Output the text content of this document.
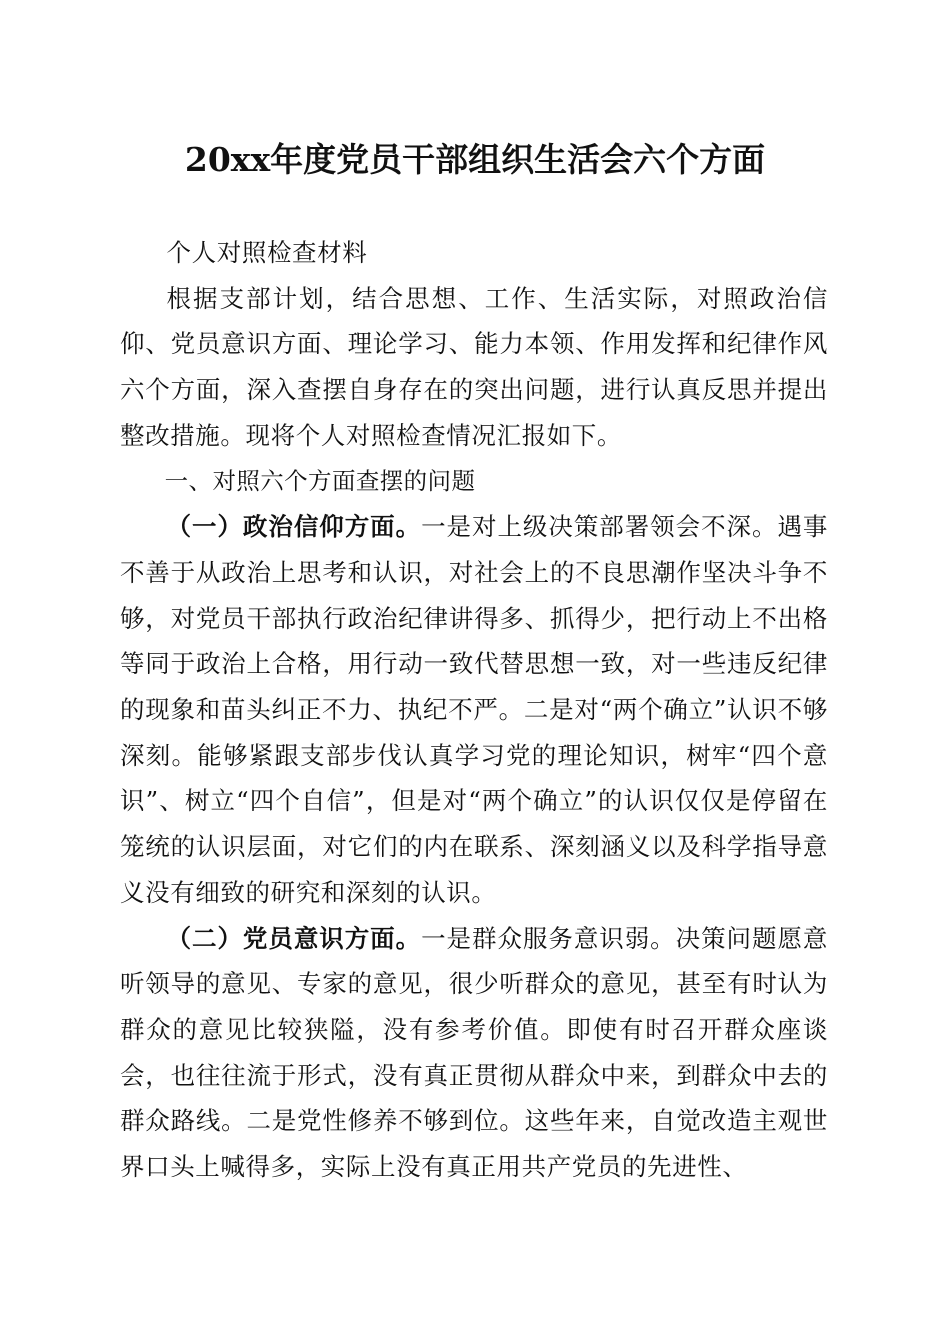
20xx年度党员干部组织生活会六个方面

个人对照检查材料

根据支部计划，结合思想、工作、生活实际，对照政治信仰、党员意识方面、理论学习、能力本领、作用发挥和纪律作风六个方面，深入查摆自身存在的突出问题，进行认真反思并提出整改措施。现将个人对照检查情况汇报如下。

一、对照六个方面查摆的问题

（一）政治信仰方面。一是对上级决策部署领会不深。遇事不善于从政治上思考和认识，对社会上的不良思潮作坚决斗争不够，对党员干部执行政治纪律讲得多、抓得少，把行动上不出格等同于政治上合格，用行动一致代替思想一致，对一些违反纪律的现象和苗头纠正不力、执纪不严。二是对“两个确立”认识不够深刻。能够紧跟支部步伐认真学习党的理论知识，树牢“四个意识”、树立“四个自信”，但是对“两个确立”的认识仅仅是停留在笼统的认识层面，对它们的内在联系、深刻涵义以及科学指导意义没有细致的研究和深刻的认识。

（二）党员意识方面。一是群众服务意识弱。决策问题愿意听领导的意见、专家的意见，很少听群众的意见，甚至有时认为群众的意见比较狭隘，没有参考价值。即使有时召开群众座谈会，也往往流于形式，没有真正贯彻从群众中来，到群众中去的群众路线。二是党性修养不够到位。这些年来，自觉改造主观世界口头上喊得多，实际上没有真正用共产党员的先进性、
